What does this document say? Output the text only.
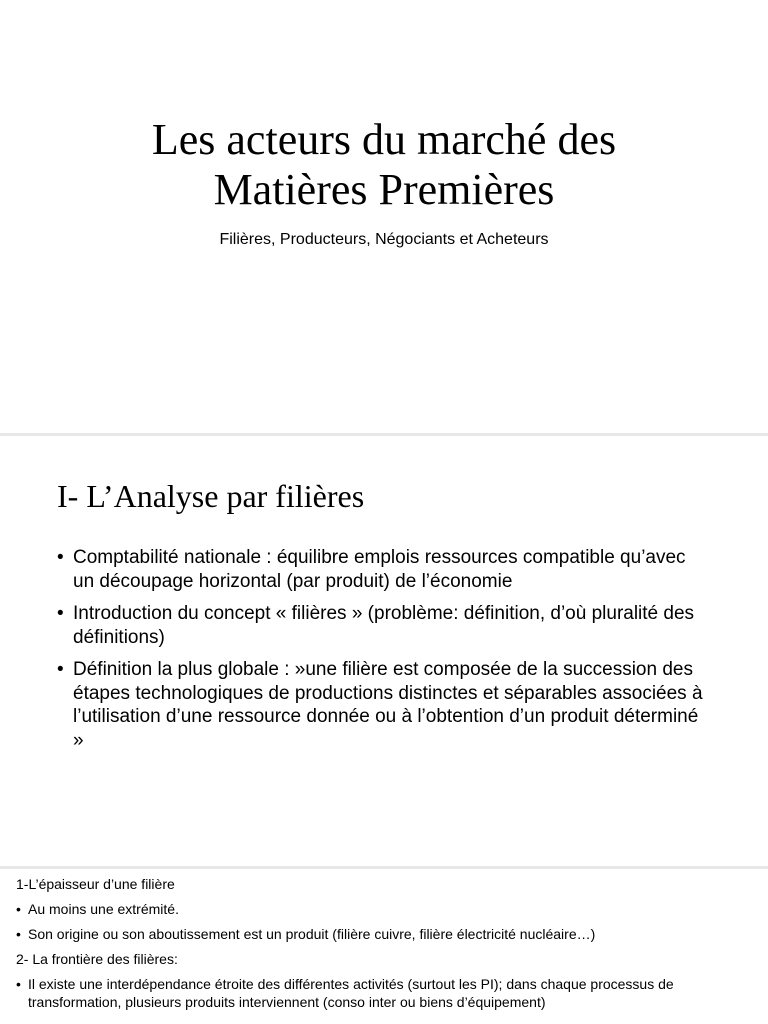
Les acteurs du marché des
Matières Premières
Filières, Producteurs, Négociants et Acheteurs
I- L’Analyse par filières
• Comptabilité nationale : équilibre emplois ressources compatible qu’avec un découpage horizontal (par produit) de l’économie
• Introduction du concept « filières » (problème: définition, d’où pluralité des définitions)
• Définition la plus globale : »une filière est composée de la succession des étapes technologiques de productions distinctes et séparables associées à l’utilisation d’une ressource donnée ou à l’obtention d’un produit déterminé »
1-L’épaisseur d’une filière
• Au moins une extrémité.
• Son origine ou son aboutissement est un produit (filière cuivre, filière électricité nucléaire…)
2- La frontière des filières:
• Il existe une interdépendance étroite des différentes activités (surtout les PI); dans chaque processus de transformation, plusieurs produits interviennent (conso inter ou biens d’équipement)
